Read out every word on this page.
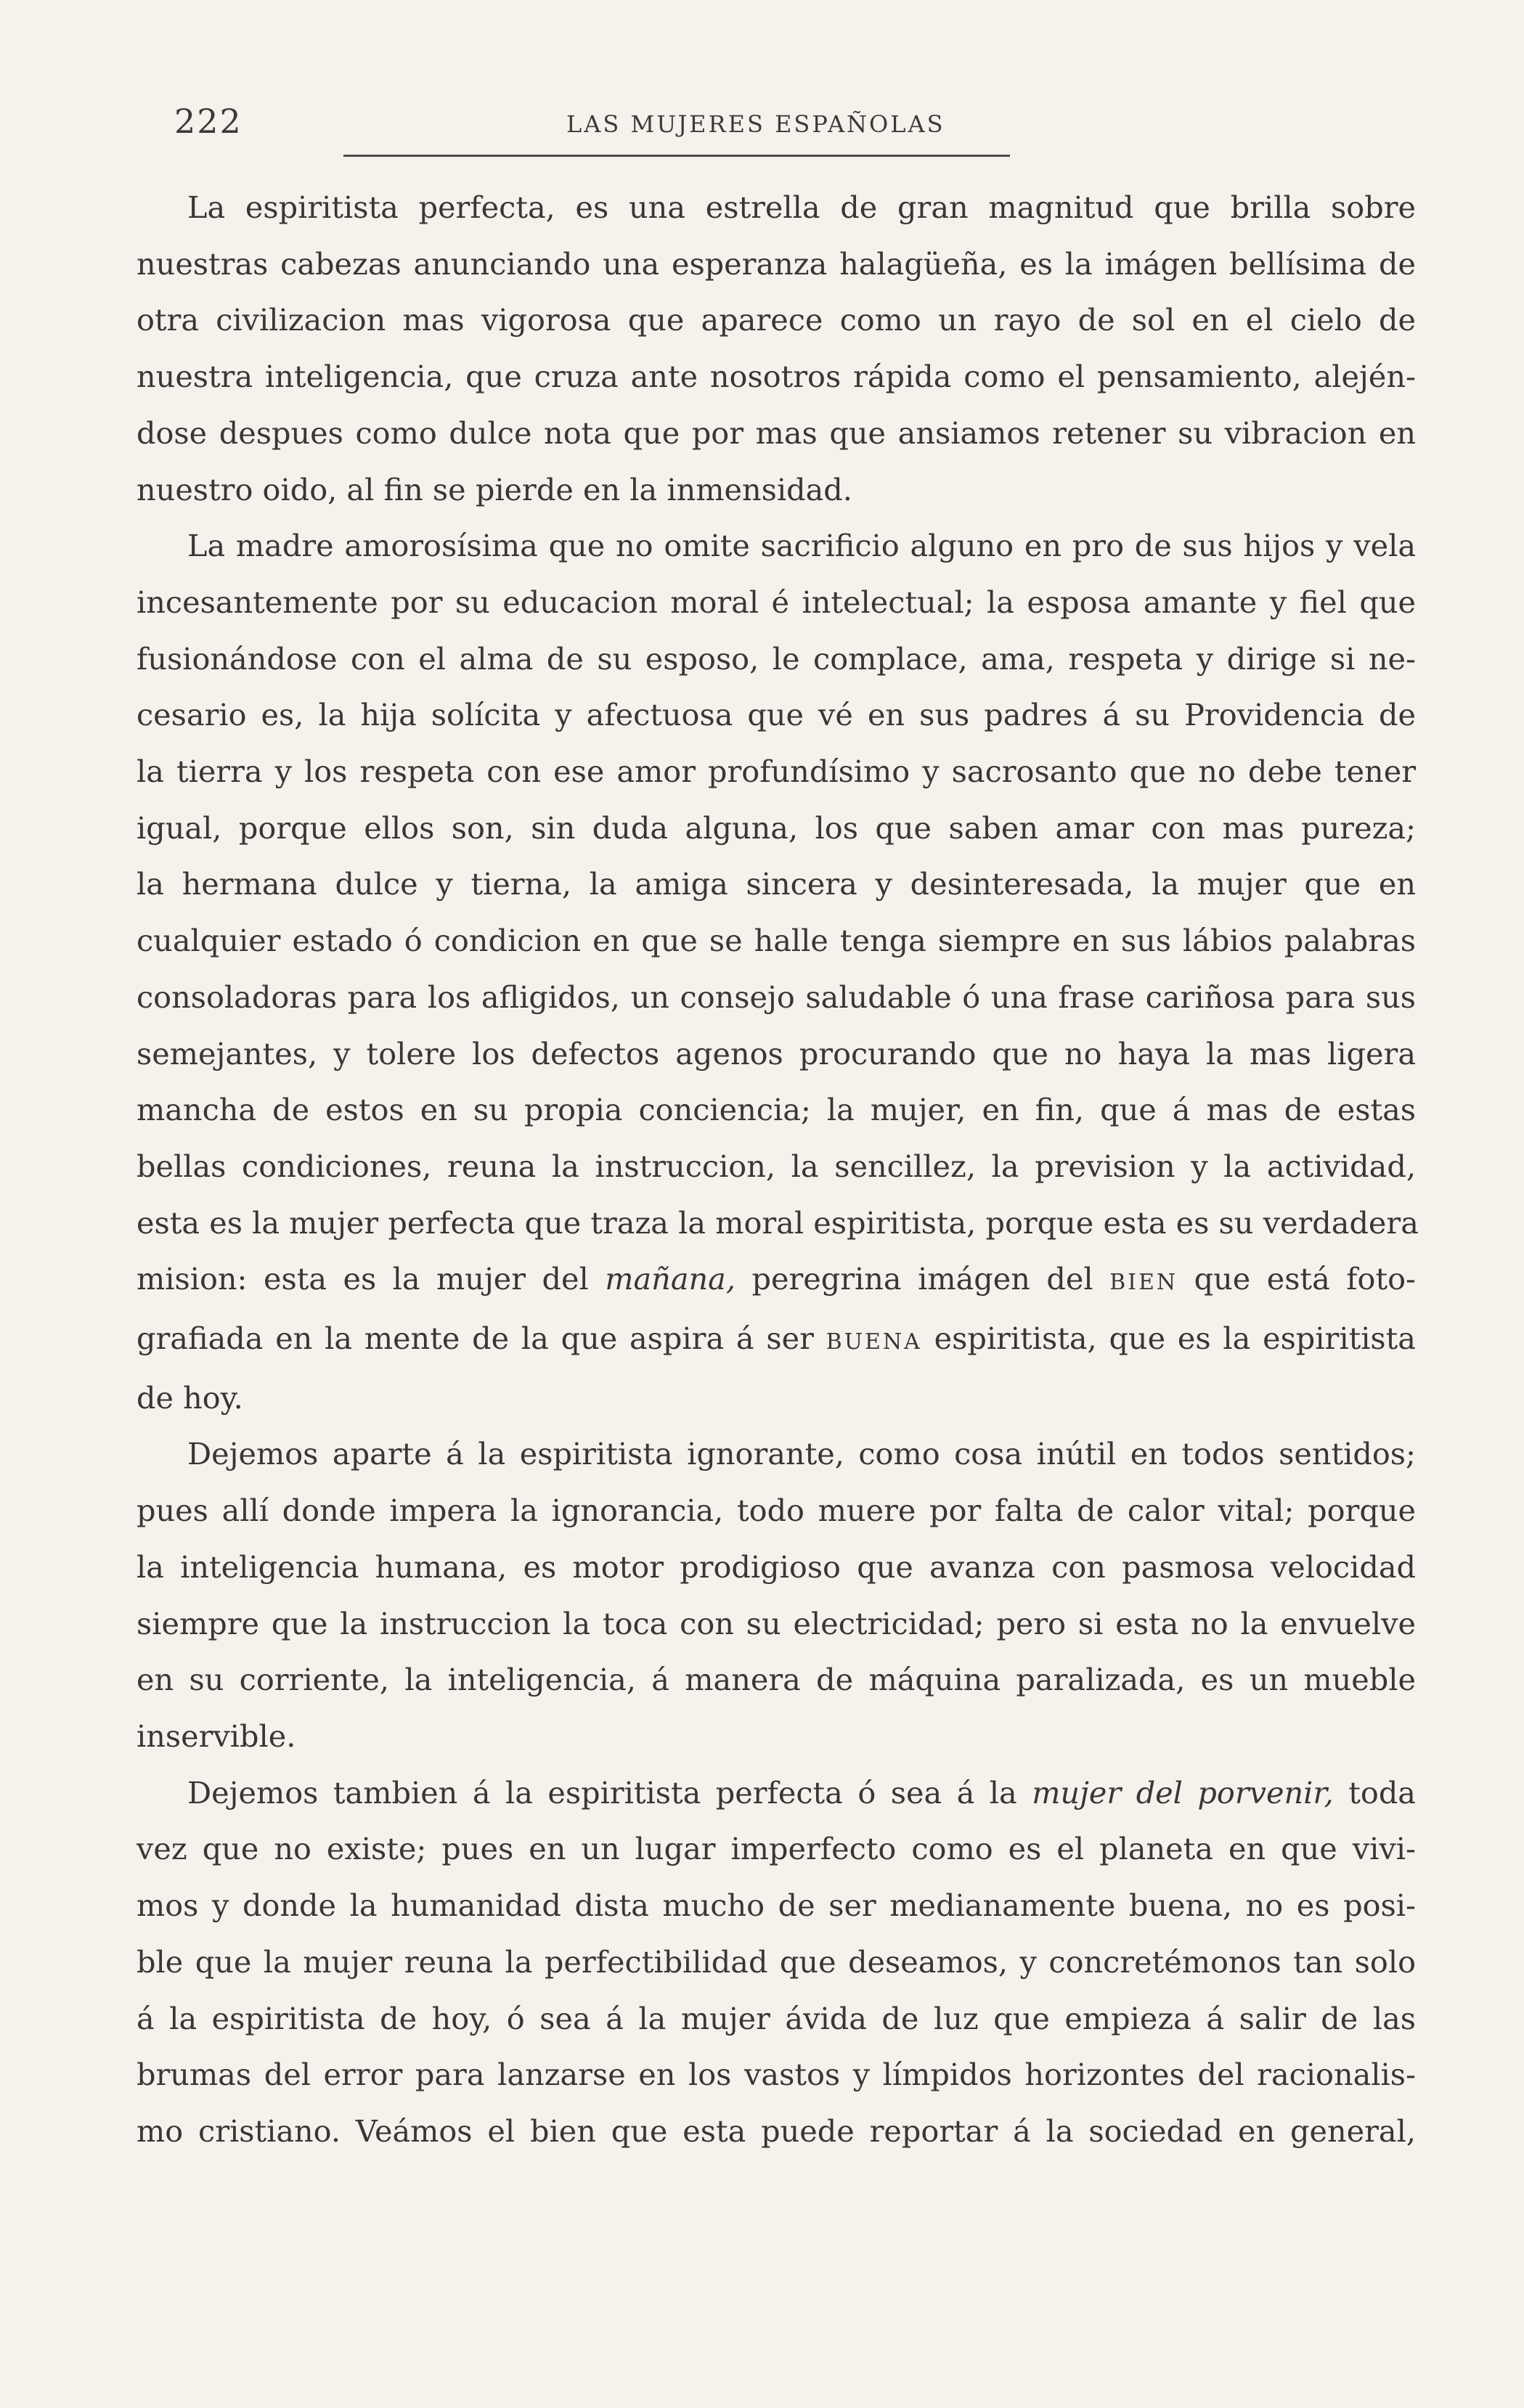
222	LAS MUJERES ESPAÑOLAS
La espiritista perfecta, es una estrella de gran magnitud que brilla sobre
nuestras cabezas anunciando una esperanza halagüeña, es la imágen bellísima de
otra civilizacion mas vigorosa que aparece como un rayo de sol en el cielo de
nuestra inteligencia, que cruza ante nosotros rápida como el pensamiento, alején-
dose despues como dulce nota que por mas que ansiamos retener su vibracion en
nuestro oido, al fin se pierde en la inmensidad.
La madre amorosísima que no omite sacrificio alguno en pro de sus hijos y vela
incesantemente por su educacion moral é intelectual; la esposa amante y fiel que
fusionándose con el alma de su esposo, le complace, ama, respeta y dirige si ne-
cesario es, la hija solícita y afectuosa que vé en sus padres á su Providencia de
la tierra y los respeta con ese amor profundísimo y sacrosanto que no debe tener
igual, porque ellos son, sin duda alguna, los que saben amar con mas pureza;
la hermana dulce y tierna, la amiga sincera y desinteresada, la mujer que en
cualquier estado ó condicion en que se halle tenga siempre en sus lábios palabras
consoladoras para los afligidos, un consejo saludable ó una frase cariñosa para sus
semejantes, y tolere los defectos agenos procurando que no haya la mas ligera
mancha de estos en su propia conciencia; la mujer, en fin, que á mas de estas
bellas condiciones, reuna la instruccion, la sencillez, la prevision y la actividad,
esta es la mujer perfecta que traza la moral espiritista, porque esta es su verdadera
mision: esta es la mujer del mañana, peregrina imágen del BIEN que está foto-
grafiada en la mente de la que aspira á ser BUENA espiritista, que es la espiritista
de hoy.
Dejemos aparte á la espiritista ignorante, como cosa inútil en todos sentidos;
pues allí donde impera la ignorancia, todo muere por falta de calor vital; porque
la inteligencia humana, es motor prodigioso que avanza con pasmosa velocidad
siempre que la instruccion la toca con su electricidad; pero si esta no la envuelve
en su corriente, la inteligencia, á manera de máquina paralizada, es un mueble
inservible.
Dejemos tambien á la espiritista perfecta ó sea á la mujer del porvenir, toda
vez que no existe; pues en un lugar imperfecto como es el planeta en que vivi-
mos y donde la humanidad dista mucho de ser medianamente buena, no es posi-
ble que la mujer reuna la perfectibilidad que deseamos, y concretémonos tan solo
á la espiritista de hoy, ó sea á la mujer ávida de luz que empieza á salir de las
brumas del error para lanzarse en los vastos y límpidos horizontes del racionalis-
mo cristiano. Veámos el bien que esta puede reportar á la sociedad en general,
